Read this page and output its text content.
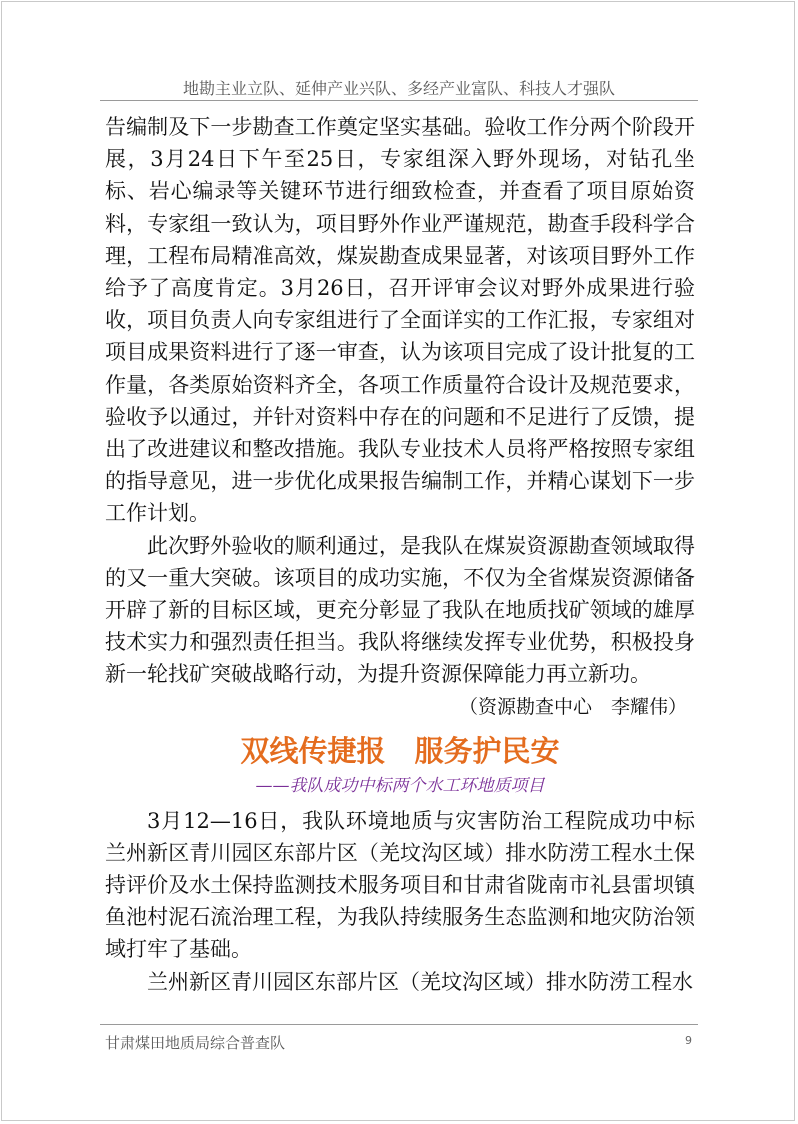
地勘主业立队、延伸产业兴队、多经产业富队、科技人才强队

告编制及下一步勘查工作奠定坚实基础。验收工作分两个阶段开展，3月24日下午至25日，专家组深入野外现场，对钻孔坐标、岩心编录等关键环节进行细致检查，并查看了项目原始资料，专家组一致认为，项目野外作业严谨规范，勘查手段科学合理，工程布局精准高效，煤炭勘查成果显著，对该项目野外工作给予了高度肯定。3月26日，召开评审会议对野外成果进行验收，项目负责人向专家组进行了全面详实的工作汇报，专家组对项目成果资料进行了逐一审查，认为该项目完成了设计批复的工作量，各类原始资料齐全，各项工作质量符合设计及规范要求，验收予以通过，并针对资料中存在的问题和不足进行了反馈，提出了改进建议和整改措施。我队专业技术人员将严格按照专家组的指导意见，进一步优化成果报告编制工作，并精心谋划下一步工作计划。

此次野外验收的顺利通过，是我队在煤炭资源勘查领域取得的又一重大突破。该项目的成功实施，不仅为全省煤炭资源储备开辟了新的目标区域，更充分彰显了我队在地质找矿领域的雄厚技术实力和强烈责任担当。我队将继续发挥专业优势，积极投身新一轮找矿突破战略行动，为提升资源保障能力再立新功。

（资源勘查中心　李耀伟）

双线传捷报　服务护民安
——我队成功中标两个水工环地质项目

3月12—16日，我队环境地质与灾害防治工程院成功中标兰州新区青川园区东部片区（羌坟沟区域）排水防涝工程水土保持评价及水土保持监测技术服务项目和甘肃省陇南市礼县雷坝镇鱼池村泥石流治理工程，为我队持续服务生态监测和地灾防治领域打牢了基础。

兰州新区青川园区东部片区（羌坟沟区域）排水防涝工程水

甘肃煤田地质局综合普查队	9
